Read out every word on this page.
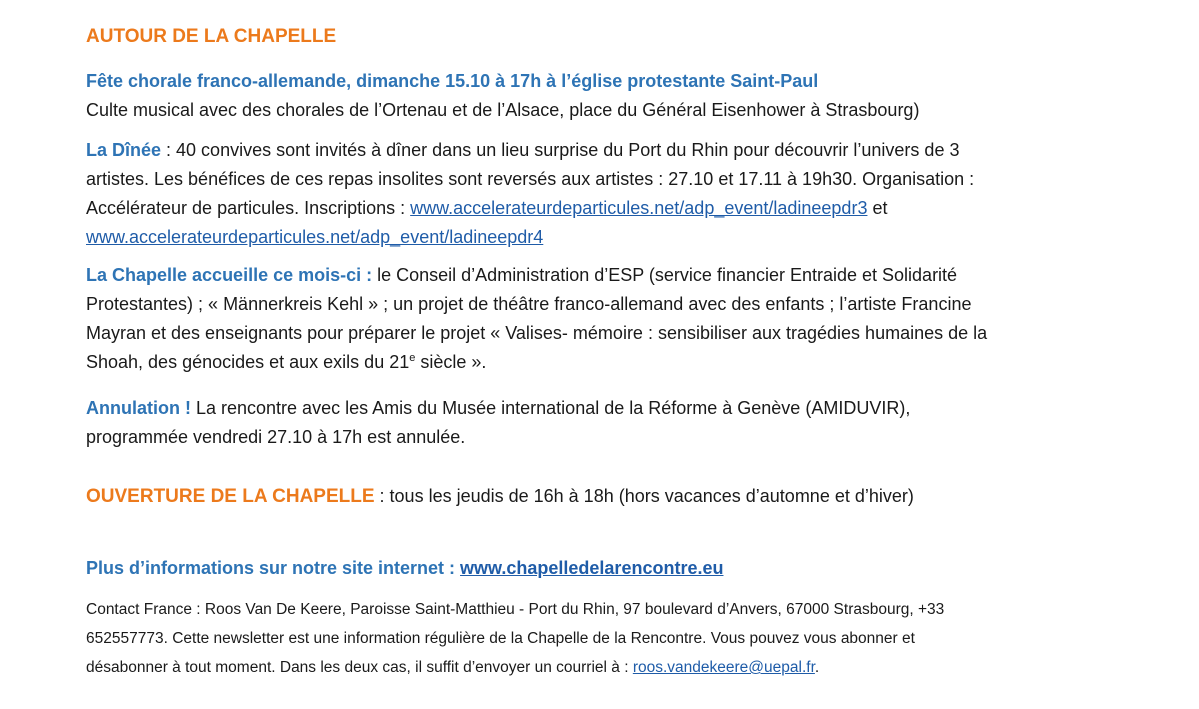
AUTOUR DE LA CHAPELLE

Fête chorale franco-allemande, dimanche 15.10 à 17h à l’église protestante Saint-Paul

Culte musical avec des chorales de l’Ortenau et de l’Alsace, place du Général Eisenhower à Strasbourg)

La Dînée : 40 convives sont invités à dîner dans un lieu surprise du Port du Rhin pour découvrir l’univers de 3

artistes. Les bénéfices de ces repas insolites sont reversés aux artistes : 27.10 et 17.11 à 19h30. Organisation :

Accélérateur de particules. Inscriptions : www.accelerateurdeparticules.net/adp_event/ladineepdr3 et

www.accelerateurdeparticules.net/adp_event/ladineepdr4

La Chapelle accueille ce mois-ci : le Conseil d’Administration d’ESP (service financier Entraide et Solidarité

Protestantes) ; « Männerkreis Kehl » ; un projet de théâtre franco-allemand avec des enfants ; l’artiste Francine

Mayran et des enseignants pour préparer le projet « Valises- mémoire : sensibiliser aux tragédies humaines de la

Shoah, des génocides et aux exils du 21e siècle ».

Annulation ! La rencontre avec les Amis du Musée international de la Réforme à Genève (AMIDUVIR),

programmée vendredi 27.10 à 17h est annulée.

OUVERTURE DE LA CHAPELLE : tous les jeudis de 16h à 18h (hors vacances d’automne et d’hiver)

Plus d’informations sur notre site internet : www.chapelledelarencontre.eu

Contact France : Roos Van De Keere, Paroisse Saint-Matthieu - Port du Rhin, 97 boulevard d’Anvers, 67000 Strasbourg, +33

652557773. Cette newsletter est une information régulière de la Chapelle de la Rencontre. Vous pouvez vous abonner et

désabonner à tout moment. Dans les deux cas, il suffit d’envoyer un courriel à : roos.vandekeere@uepal.fr.
